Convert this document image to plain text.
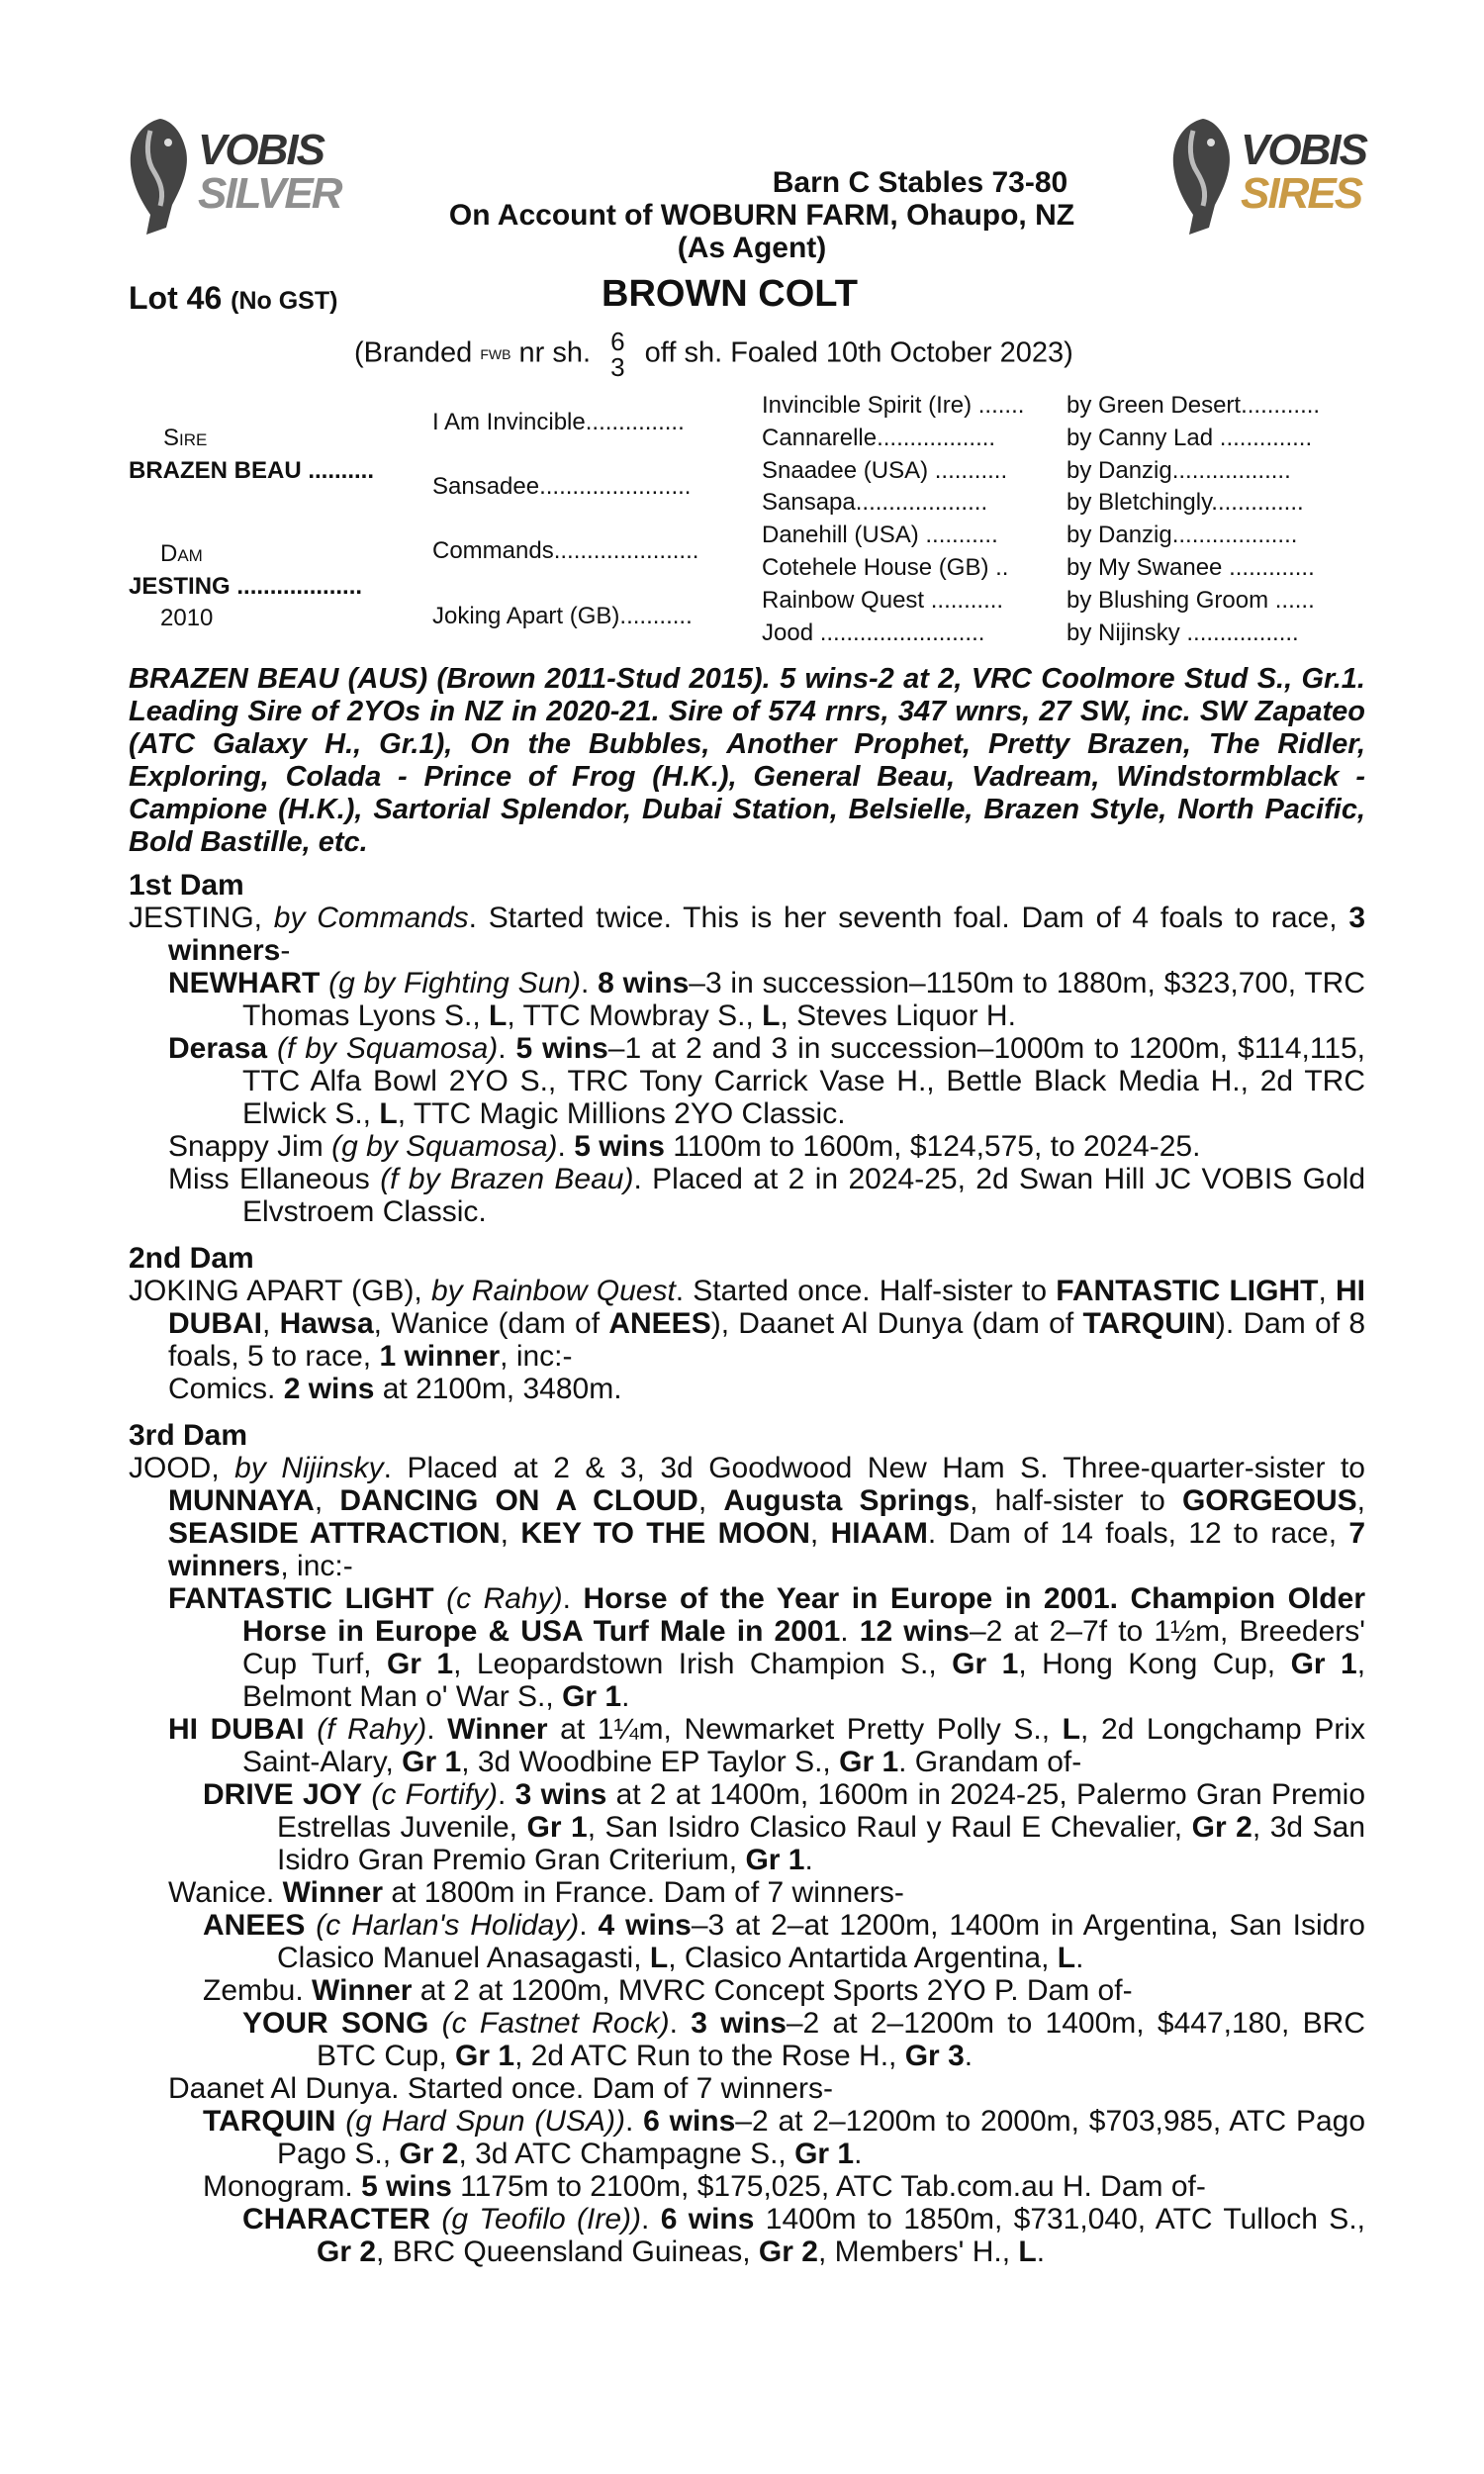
VOBIS
SILVER
VOBIS
SIRES
Barn C Stables 73-80
On Account of WOBURN FARM, Ohaupo, NZ
(As Agent)
Lot 46 (No GST)	BROWN COLT
(Branded FWB nr sh. 6
3 off sh. Foaled 10th October 2023)
Sire
BRAZEN BEAU ..........
Dam
JESTING ...................
2010
I Am Invincible...............
Sansadee.......................
Commands......................
Joking Apart (GB)...........
Invincible Spirit (Ire) .......
Cannarelle..................
Snaadee (USA) ...........
Sansapa....................
Danehill (USA) ...........
Cotehele House (GB) ..
Rainbow Quest ...........
Jood .........................
by Green Desert............
by Canny Lad ..............
by Danzig..................
by Bletchingly..............
by Danzig...................
by My Swanee .............
by Blushing Groom ......
by Nijinsky .................
BRAZEN BEAU (AUS) (Brown 2011-Stud 2015). 5 wins-2 at 2, VRC Coolmore Stud S., Gr.1. Leading Sire of 2YOs in NZ in 2020-21. Sire of 574 rnrs, 347 wnrs, 27 SW, inc. SW Zapateo (ATC Galaxy H., Gr.1), On the Bubbles, Another Prophet, Pretty Brazen, The Ridler, Exploring, Colada - Prince of Frog (H.K.), General Beau, Vadream, Windstormblack - Campione (H.K.), Sartorial Splendor, Dubai Station, Belsielle, Brazen Style, North Pacific, Bold Bastille, etc.
1st Dam
JESTING, by Commands. Started twice. This is her seventh foal. Dam of 4 foals to race, 3 winners-
NEWHART (g by Fighting Sun). 8 wins–3 in succession–1150m to 1880m, $323,700, TRC Thomas Lyons S., L, TTC Mowbray S., L, Steves Liquor H.
Derasa (f by Squamosa). 5 wins–1 at 2 and 3 in succession–1000m to 1200m, $114,115, TTC Alfa Bowl 2YO S., TRC Tony Carrick Vase H., Bettle Black Media H., 2d TRC Elwick S., L, TTC Magic Millions 2YO Classic.
Snappy Jim (g by Squamosa). 5 wins 1100m to 1600m, $124,575, to 2024-25.
Miss Ellaneous (f by Brazen Beau). Placed at 2 in 2024-25, 2d Swan Hill JC VOBIS Gold Elvstroem Classic.
2nd Dam
JOKING APART (GB), by Rainbow Quest. Started once. Half-sister to FANTASTIC LIGHT, HI DUBAI, Hawsa, Wanice (dam of ANEES), Daanet Al Dunya (dam of TARQUIN). Dam of 8 foals, 5 to race, 1 winner, inc:-
Comics. 2 wins at 2100m, 3480m.
3rd Dam
JOOD, by Nijinsky. Placed at 2 & 3, 3d Goodwood New Ham S. Three-quarter-sister to MUNNAYA, DANCING ON A CLOUD, Augusta Springs, half-sister to GORGEOUS, SEASIDE ATTRACTION, KEY TO THE MOON, HIAAM. Dam of 14 foals, 12 to race, 7 winners, inc:-
FANTASTIC LIGHT (c Rahy). Horse of the Year in Europe in 2001. Champion Older Horse in Europe & USA Turf Male in 2001. 12 wins–2 at 2–7f to 1½m, Breeders' Cup Turf, Gr 1, Leopardstown Irish Champion S., Gr 1, Hong Kong Cup, Gr 1, Belmont Man o' War S., Gr 1.
HI DUBAI (f Rahy). Winner at 1¼m, Newmarket Pretty Polly S., L, 2d Longchamp Prix Saint-Alary, Gr 1, 3d Woodbine EP Taylor S., Gr 1. Grandam of-
DRIVE JOY (c Fortify). 3 wins at 2 at 1400m, 1600m in 2024-25, Palermo Gran Premio Estrellas Juvenile, Gr 1, San Isidro Clasico Raul y Raul E Chevalier, Gr 2, 3d San Isidro Gran Premio Gran Criterium, Gr 1.
Wanice. Winner at 1800m in France. Dam of 7 winners-
ANEES (c Harlan's Holiday). 4 wins–3 at 2–at 1200m, 1400m in Argentina, San Isidro Clasico Manuel Anasagasti, L, Clasico Antartida Argentina, L.
Zembu. Winner at 2 at 1200m, MVRC Concept Sports 2YO P. Dam of-
YOUR SONG (c Fastnet Rock). 3 wins–2 at 2–1200m to 1400m, $447,180, BRC BTC Cup, Gr 1, 2d ATC Run to the Rose H., Gr 3.
Daanet Al Dunya. Started once. Dam of 7 winners-
TARQUIN (g Hard Spun (USA)). 6 wins–2 at 2–1200m to 2000m, $703,985, ATC Pago Pago S., Gr 2, 3d ATC Champagne S., Gr 1.
Monogram. 5 wins 1175m to 2100m, $175,025, ATC Tab.com.au H. Dam of-
CHARACTER (g Teofilo (Ire)). 6 wins 1400m to 1850m, $731,040, ATC Tulloch S., Gr 2, BRC Queensland Guineas, Gr 2, Members' H., L.
